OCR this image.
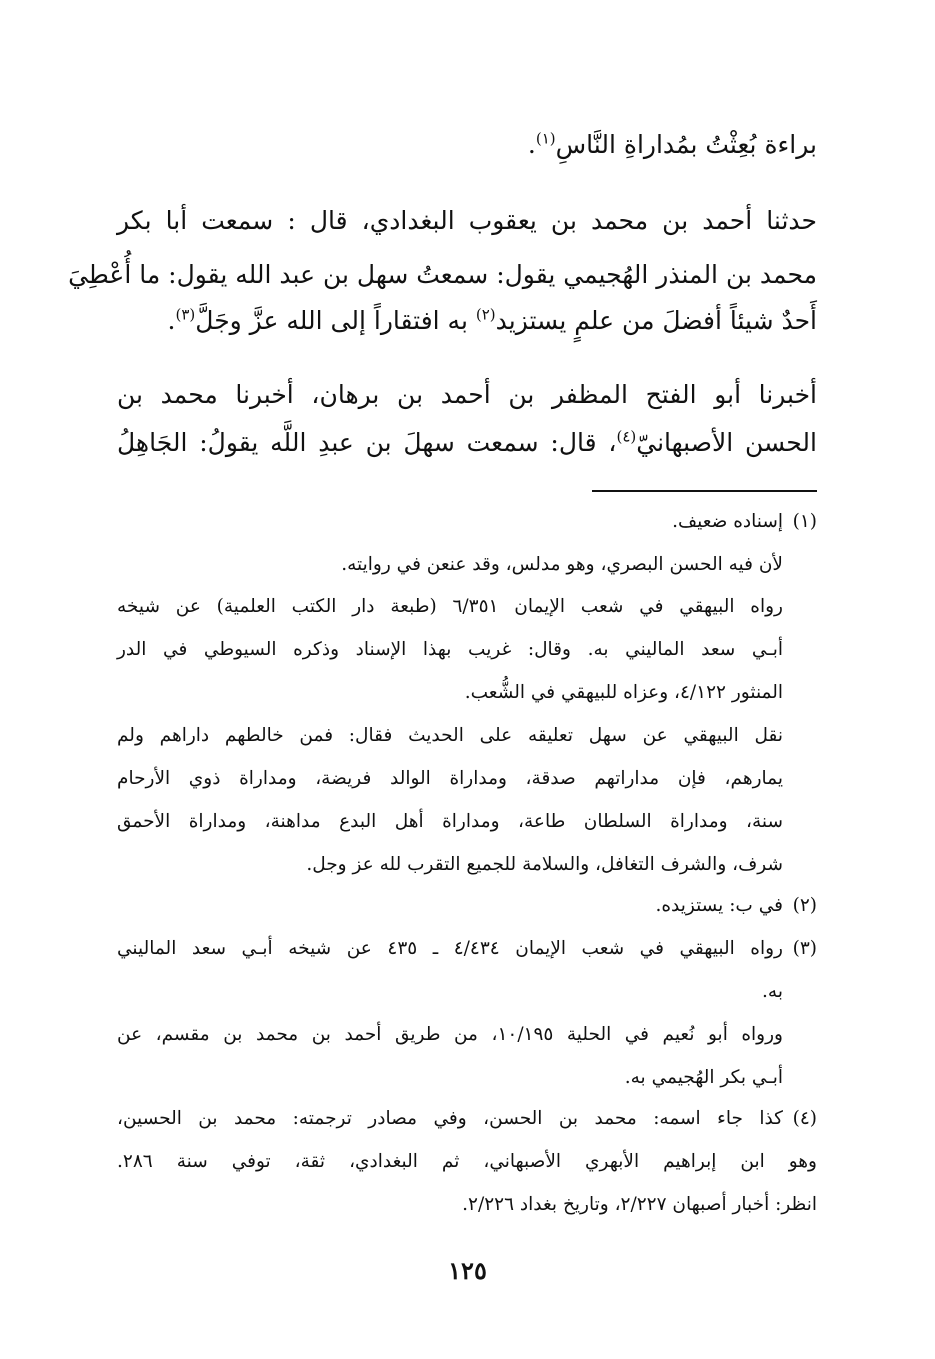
براءة بُعِثْتُ بمُداراةِ النَّاسِ$^{(١)}$.
حدثنا أحمد بن محمد بن يعقوب البغدادي، قال : سمعت أبا بكر
محمد بن المنذر الهُجيمي يقول: سمعتُ سهل بن عبد الله يقول: ما أُعْطِيَ
أَحدٌ شيئاً أفضلَ من علمٍ يستزيد$^{(٢)}$ به افتقاراً إلى الله عزَّ وجَلَّ$^{(٣)}$.
أخبرنا أبو الفتح المظفر بن أحمد بن برهان، أخبرنا محمد بن
الحسن الأصبهانيّ$^{(٤)}$، قال: سمعت سهلَ بن عبدِ اللَّه يقولُ: الجَاهِلُ
(١)
إسناده ضعيف.
لأن فيه الحسن البصري، وهو مدلس، وقد عنعن في روايته.
رواه البيهقي في شعب الإيمان ٦/٣٥١ (طبعة دار الكتب العلمية) عن شيخه
أبـي سعد الماليني به. وقال: غريب بهذا الإسناد وذكره السيوطي في الدر
المنثور ٤/١٢٢، وعزاه للبيهقي في الشُّعب.
نقل البيهقي عن سهل تعليقه على الحديث فقال: فمن خالطهم داراهم ولم
يمارهم، فإن مداراتهم صدقة، ومداراة الوالد فريضة، ومداراة ذوي الأرحام
سنة، ومداراة السلطان طاعة، ومداراة أهل البدع مداهنة، ومداراة الأحمق
شرف، والشرف التغافل، والسلامة للجميع التقرب لله عز وجل.
(٢)
في ب: يستزيده.
(٣)
رواه البيهقي في شعب الإيمان ٤/٤٣٤ ـ ٤٣٥ عن شيخه أبـي سعد الماليني
به.
ورواه أبو نُعيم في الحلية ١٠/١٩٥، من طريق أحمد بن محمد بن مقسم، عن
أبـي بكر الهُجيمي به.
(٤)
كذا جاء اسمه: محمد بن الحسن، وفي مصادر ترجمته: محمد بن الحسين،
وهو ابن إبراهيم الأبهري الأصبهاني، ثم البغدادي، ثقة، توفي سنة ٢٨٦.
انظر: أخبار أصبهان ٢/٢٢٧، وتاريخ بغداد ٢/٢٢٦.
١٢٥
